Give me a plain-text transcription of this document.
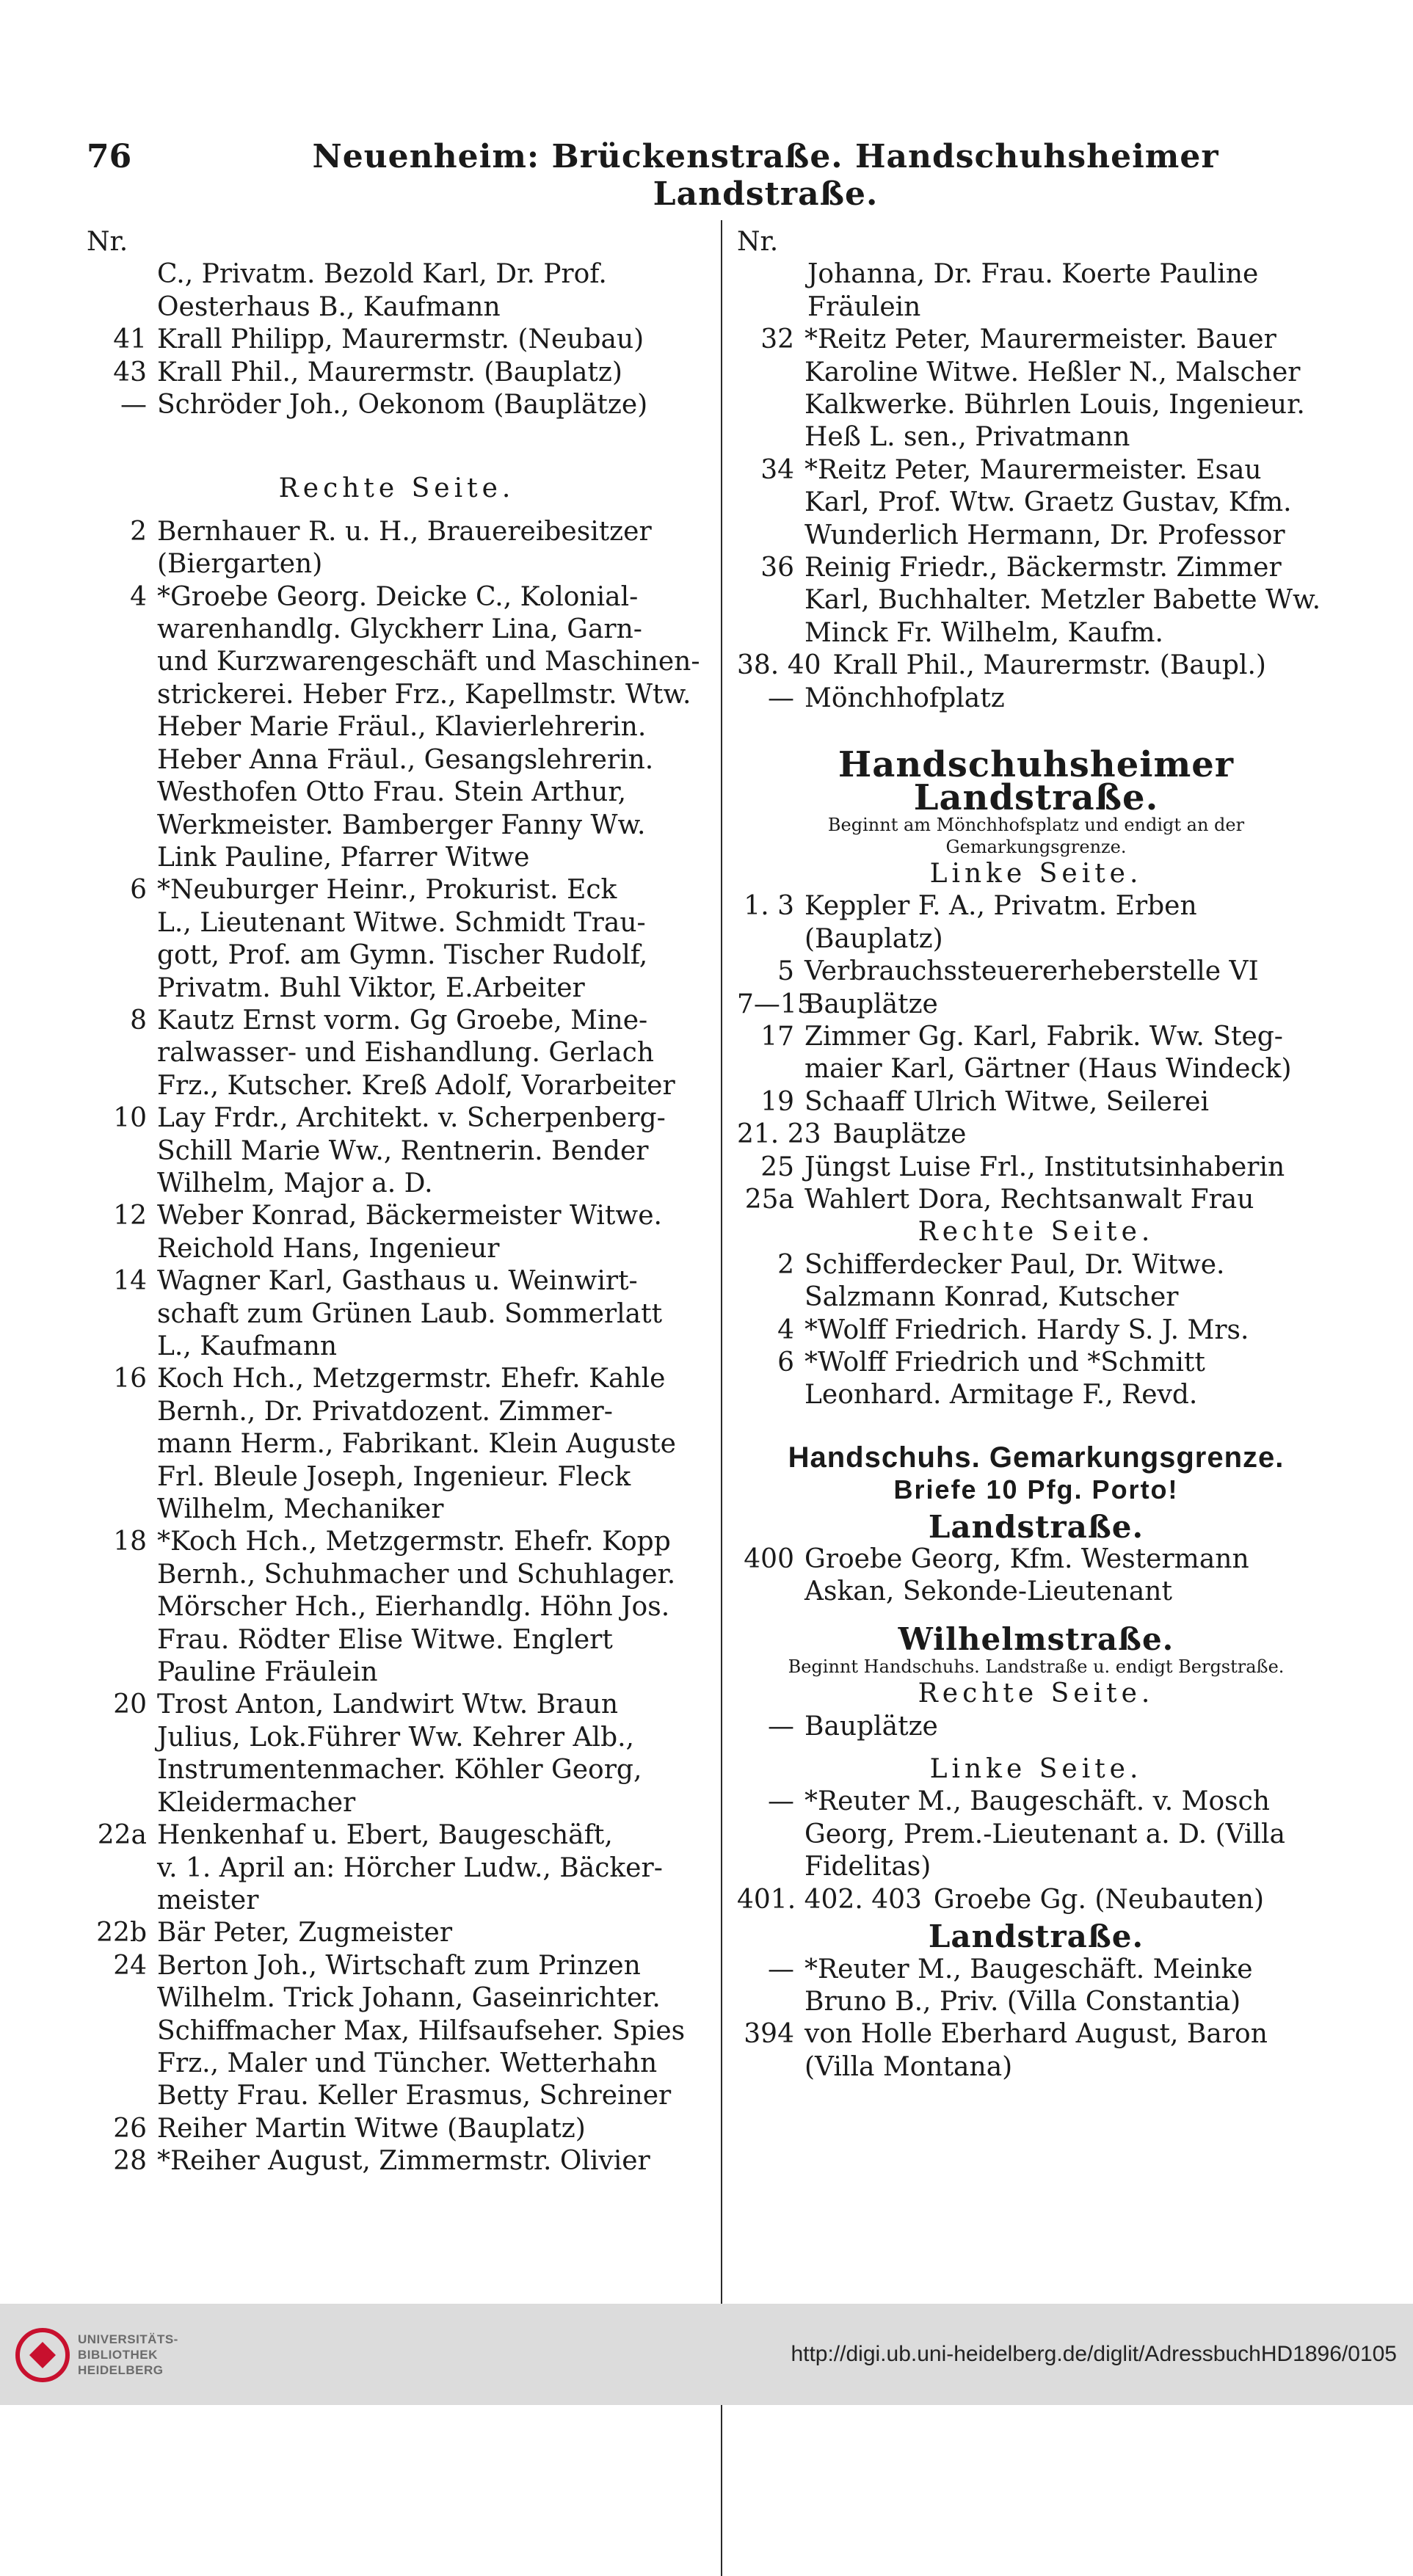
76	Neuenheim: Brückenstraße. Handschuhsheimer Landstraße.
Nr.
C., Privatm. Bezold Karl, Dr. Prof.
Oesterhaus B., Kaufmann
41 Krall Philipp, Maurermstr. (Neubau)
43 Krall Phil., Maurermstr. (Bauplatz)
— Schröder Joh., Oekonom (Bauplätze)
Rechte Seite.
2 Bernhauer R. u. H., Brauereibesitzer
(Biergarten)
4 *Groebe Georg. Deicke C., Kolonial-
warenhandlg. Glyckherr Lina, Garn-
und Kurzwarengeschäft und Maschinen-
strickerei. Heber Frz., Kapellmstr. Wtw.
Heber Marie Fräul., Klavierlehrerin.
Heber Anna Fräul., Gesangslehrerin.
Westhofen Otto Frau. Stein Arthur,
Werkmeister. Bamberger Fanny Ww.
Link Pauline, Pfarrer Witwe
6 *Neuburger Heinr., Prokurist. Eck
L., Lieutenant Witwe. Schmidt Trau-
gott, Prof. am Gymn. Tischer Rudolf,
Privatm. Buhl Viktor, E.Arbeiter
8 Kautz Ernst vorm. Gg Groebe, Mine-
ralwasser- und Eishandlung. Gerlach
Frz., Kutscher. Kreß Adolf, Vorarbeiter
10 Lay Frdr., Architekt. v. Scherpenberg-
Schill Marie Ww., Rentnerin. Bender
Wilhelm, Major a. D.
12 Weber Konrad, Bäckermeister Witwe.
Reichold Hans, Ingenieur
14 Wagner Karl, Gasthaus u. Weinwirt-
schaft zum Grünen Laub. Sommerlatt
L., Kaufmann
16 Koch Hch., Metzgermstr. Ehefr. Kahle
Bernh., Dr. Privatdozent. Zimmer-
mann Herm., Fabrikant. Klein Auguste
Frl. Bleule Joseph, Ingenieur. Fleck
Wilhelm, Mechaniker
18 *Koch Hch., Metzgermstr. Ehefr. Kopp
Bernh., Schuhmacher und Schuhlager.
Mörscher Hch., Eierhandlg. Höhn Jos.
Frau. Rödter Elise Witwe. Englert
Pauline Fräulein
20 Trost Anton, Landwirt Wtw. Braun
Julius, Lok.Führer Ww. Kehrer Alb.,
Instrumentenmacher. Köhler Georg,
Kleidermacher
22a Henkenhaf u. Ebert, Baugeschäft,
v. 1. April an: Hörcher Ludw., Bäcker-
meister
22b Bär Peter, Zugmeister
24 Berton Joh., Wirtschaft zum Prinzen
Wilhelm. Trick Johann, Gaseinrichter.
Schiffmacher Max, Hilfsaufseher. Spies
Frz., Maler und Tüncher. Wetterhahn
Betty Frau. Keller Erasmus, Schreiner
26 Reiher Martin Witwe (Bauplatz)
28 *Reiher August, Zimmermstr. Olivier
Nr.
Johanna, Dr. Frau. Koerte Pauline
Fräulein
32 *Reitz Peter, Maurermeister. Bauer
Karoline Witwe. Heßler N., Malscher
Kalkwerke. Bührlen Louis, Ingenieur.
Heß L. sen., Privatmann
34 *Reitz Peter, Maurermeister. Esau
Karl, Prof. Wtw. Graetz Gustav, Kfm.
Wunderlich Hermann, Dr. Professor
36 Reinig Friedr., Bäckermstr. Zimmer
Karl, Buchhalter. Metzler Babette Ww.
Minck Fr. Wilhelm, Kaufm.
38. 40 Krall Phil., Maurermstr. (Baupl.)
— Mönchhofplatz
Handschuhsheimer Landstraße.
Beginnt am Mönchhofsplatz und endigt an der
Gemarkungsgrenze.
Linke Seite.
1. 3 Keppler F. A., Privatm. Erben
(Bauplatz)
5 Verbrauchssteuererheberstelle VI
7—15
Bauplätze
17 Zimmer Gg. Karl, Fabrik. Ww. Steg-
maier Karl, Gärtner (Haus Windeck)
19 Schaaff Ulrich Witwe, Seilerei
21. 23 Bauplätze
25 Jüngst Luise Frl., Institutsinhaberin
25a Wahlert Dora, Rechtsanwalt Frau
Rechte Seite.
2 Schifferdecker Paul, Dr. Witwe.
Salzmann Konrad, Kutscher
4 *Wolff Friedrich. Hardy S. J. Mrs.
6 *Wolff Friedrich und *Schmitt
Leonhard. Armitage F., Revd.
Handschuhs. Gemarkungsgrenze.
Briefe 10 Pfg. Porto!
Landstraße.
400 Groebe Georg, Kfm. Westermann
Askan, Sekonde-Lieutenant
Wilhelmstraße.
Beginnt Handschuhs. Landstraße u. endigt Bergstraße.
Rechte Seite.
— Bauplätze
Linke Seite.
— *Reuter M., Baugeschäft. v. Mosch
Georg, Prem.-Lieutenant a. D. (Villa
Fidelitas)
401. 402. 403 Groebe Gg. (Neubauten)
Landstraße.
— *Reuter M., Baugeschäft. Meinke
Bruno B., Priv. (Villa Constantia)
394 von Holle Eberhard August, Baron
(Villa Montana)
UNIVERSITÄTS-
BIBLIOTHEK
HEIDELBERG
http://digi.ub.uni-heidelberg.de/diglit/AdressbuchHD1896/0105
